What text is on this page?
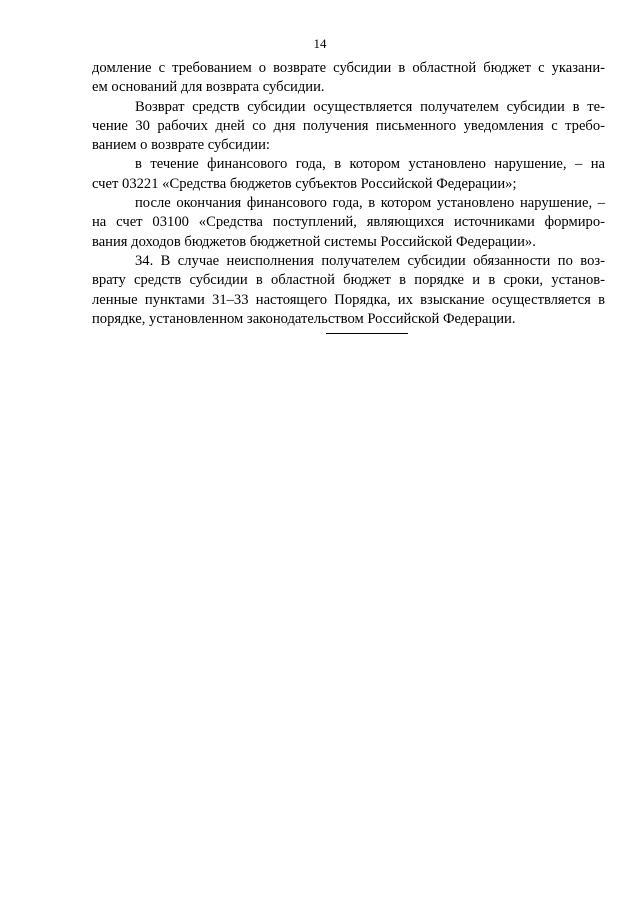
14

домление с требованием о возврате субсидии в областной бюджет с указани-
ем оснований для возврата субсидии.

Возврат средств субсидии осуществляется получателем субсидии в те-
чение 30 рабочих дней со дня получения письменного уведомления с требо-
ванием о возврате субсидии:

в течение финансового года, в котором установлено нарушение, – на
счет 03221 «Средства бюджетов субъектов Российской Федерации»;

после окончания финансового года, в котором установлено нарушение, –
на счет 03100 «Средства поступлений, являющихся источниками формиро-
вания доходов бюджетов бюджетной системы Российской Федерации».

34. В случае неисполнения получателем субсидии обязанности по воз-
врату средств субсидии в областной бюджет в порядке и в сроки, установ-
ленные пунктами 31–33 настоящего Порядка, их взыскание осуществляется в
порядке, установленном законодательством Российской Федерации.
